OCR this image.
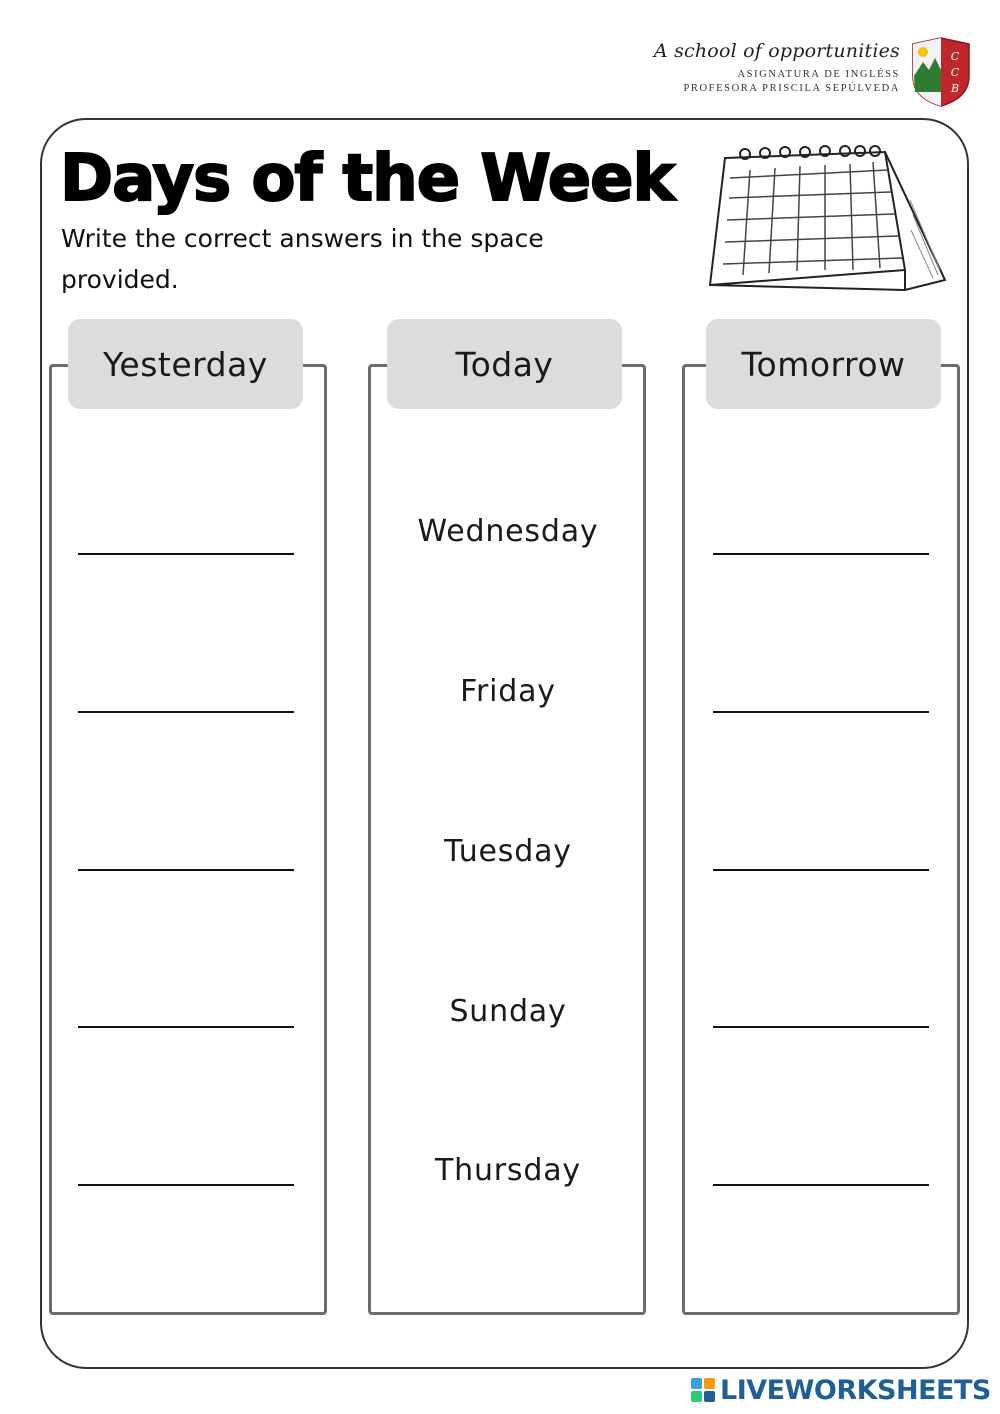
A school of opportunities
ASIGNATURA DE INGLÉSS
PROFESORA PRISCILA SEPÚLVEDA
C
C
B
Days of the Week

Write the correct answers in the space provided.

Yesterday	Today	Tomorrow
Wednesday
Friday
Tuesday
Sunday
Thursday
LIVEWORKSHEETS
